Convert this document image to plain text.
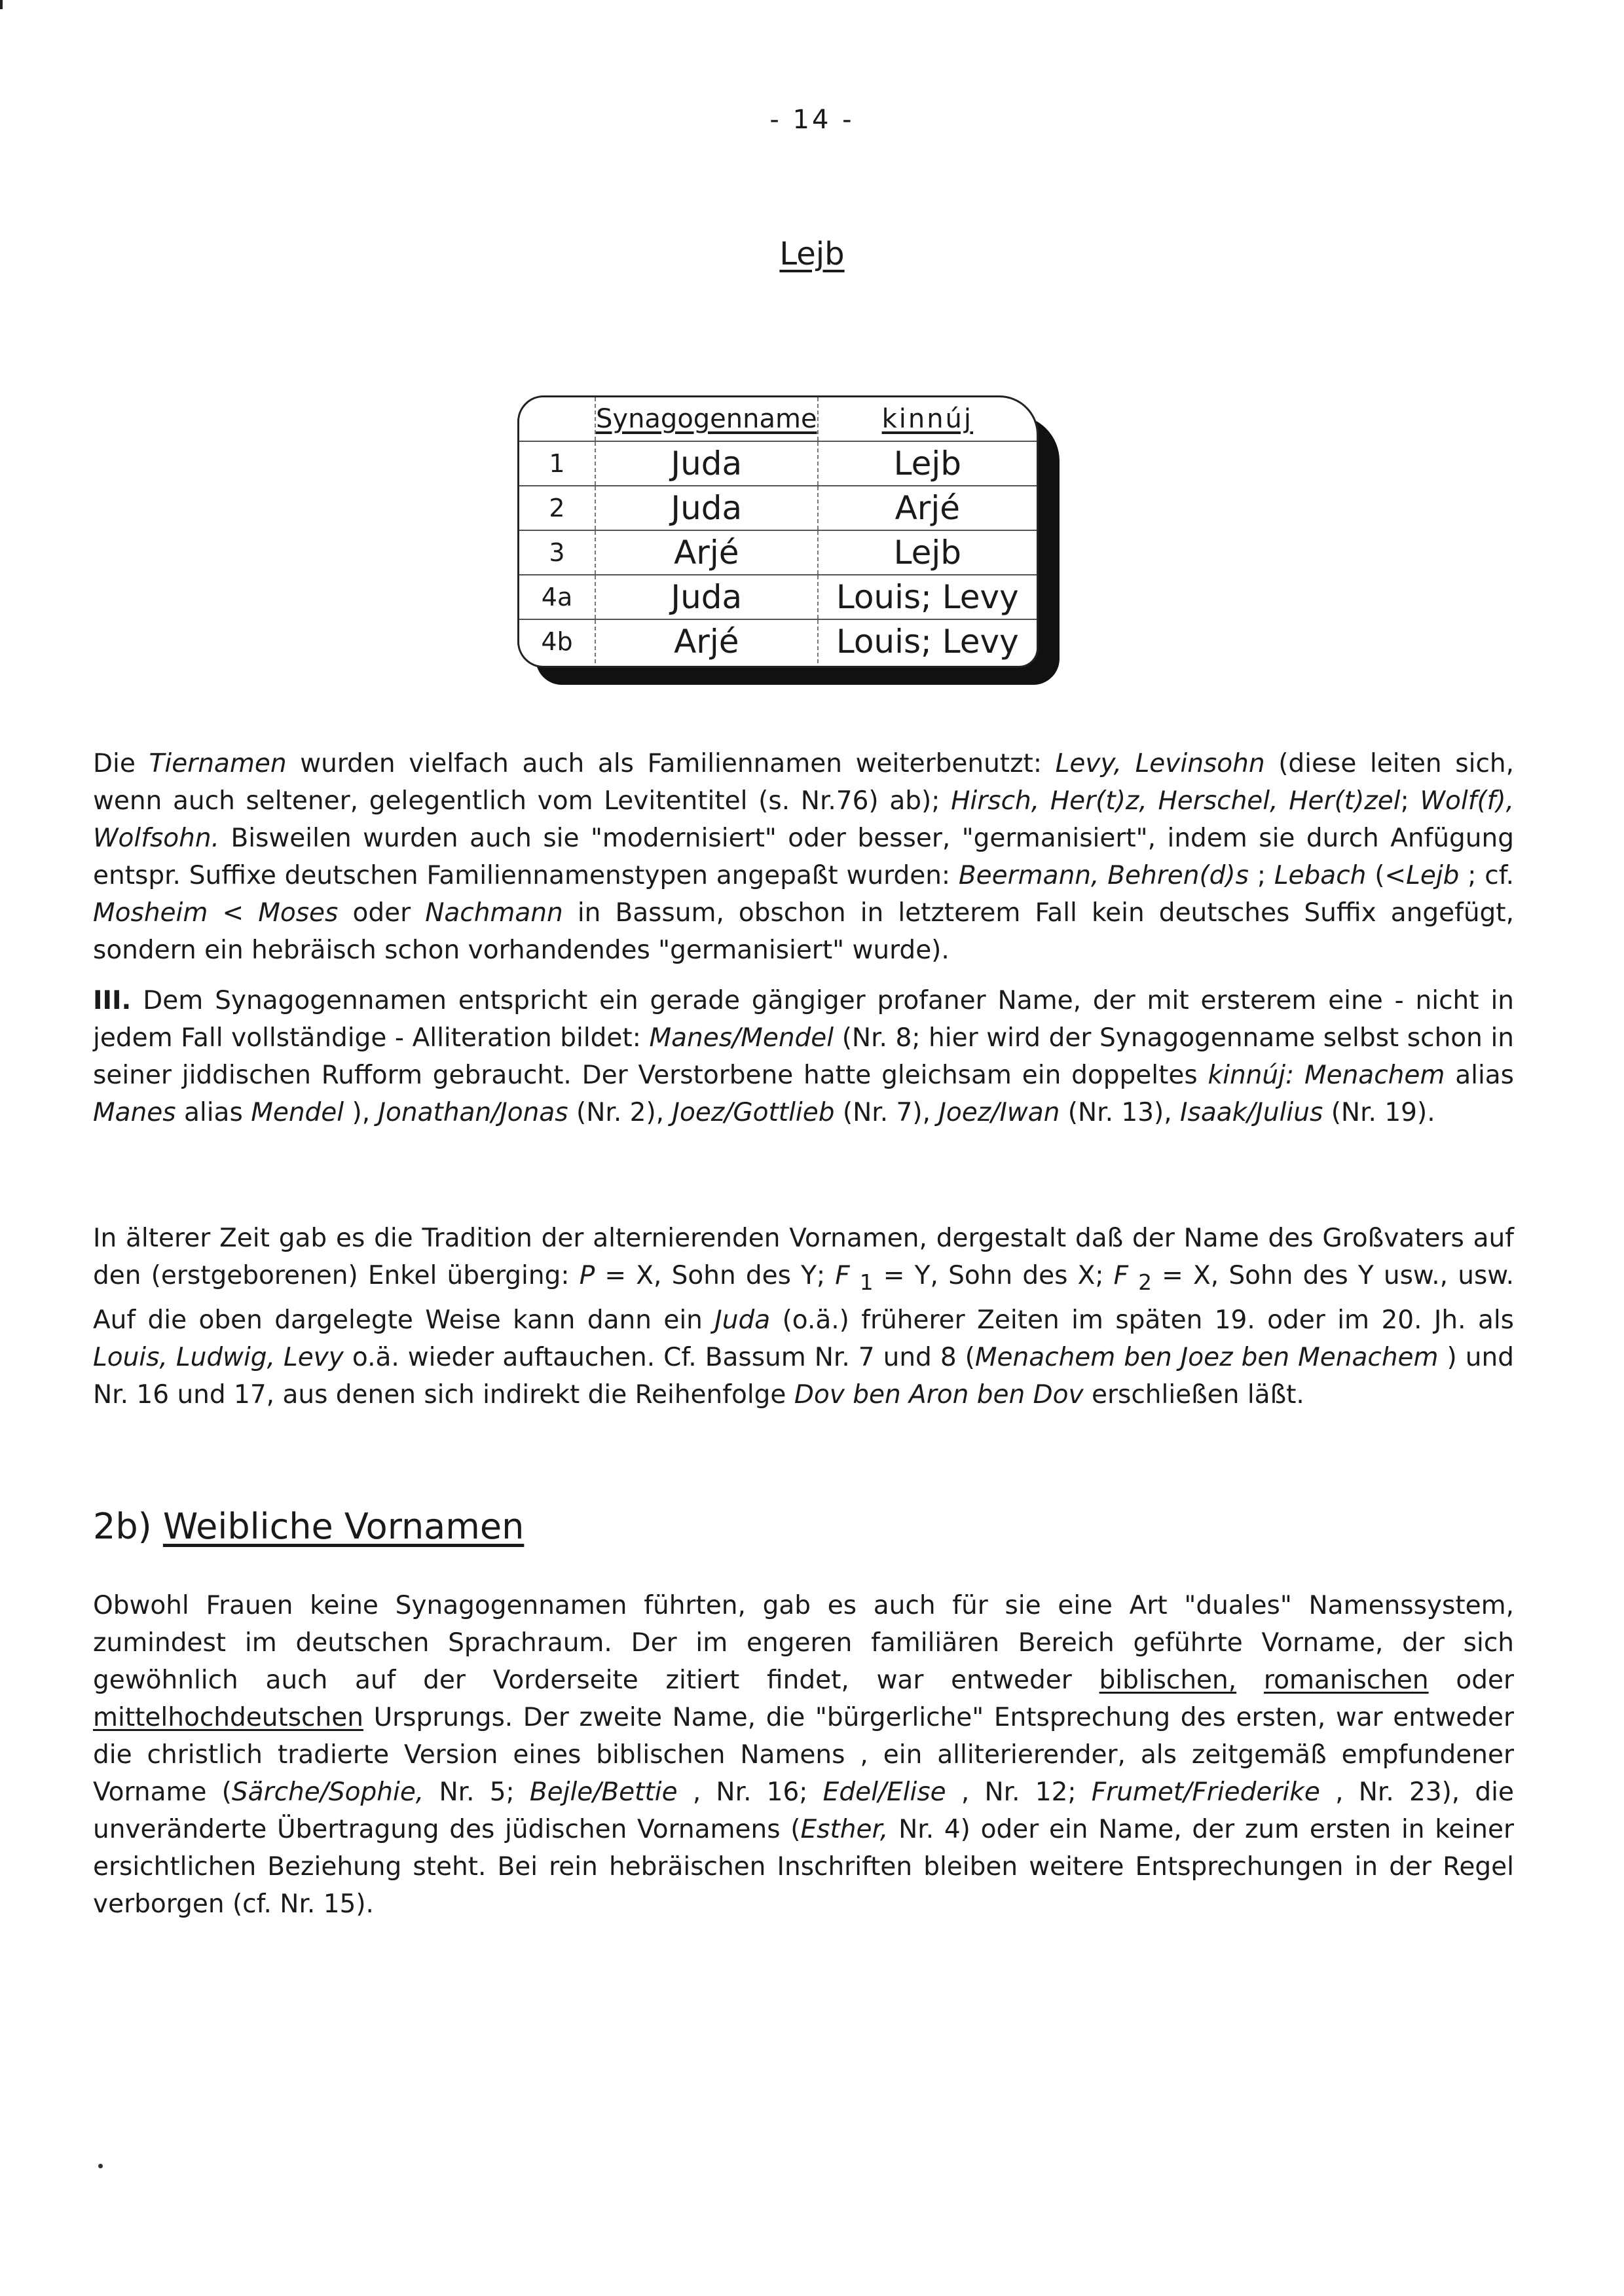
- 14 -
Lejb
	Synagogenname	kinnúj
1	Juda	Lejb
2	Juda	Arjé
3	Arjé	Lejb
4a	Juda	Louis; Levy
4b	Arjé	Louis; Levy

Die Tiernamen wurden vielfach auch als Familiennamen weiterbenutzt: Levy, Levinsohn (diese leiten sich, wenn auch seltener, gelegentlich vom Levitentitel (s. Nr.76) ab); Hirsch, Her(t)z, Herschel, Her(t)zel; Wolf(f), Wolfsohn. Bisweilen wurden auch sie "modernisiert" oder besser, "germanisiert", indem sie durch Anfügung entspr. Suffixe deutschen Familiennamenstypen angepaßt wurden: Beermann, Behren(d)s ; Lebach (<Lejb ; cf. Mosheim < Moses oder Nachmann in Bassum, obschon in letzterem Fall kein deutsches Suffix angefügt, sondern ein hebräisch schon vorhandendes "germanisiert" wurde).

III. Dem Synagogennamen entspricht ein gerade gängiger profaner Name, der mit ersterem eine - nicht in jedem Fall vollständige - Alliteration bildet: Manes/Mendel (Nr. 8; hier wird der Synagogenname selbst schon in seiner jiddischen Rufform gebraucht. Der Verstorbene hatte gleichsam ein doppeltes kinnúj: Menachem alias Manes alias Mendel ), Jonathan/Jonas (Nr. 2), Joez/Gottlieb (Nr. 7), Joez/Iwan (Nr. 13), Isaak/Julius (Nr. 19).

In älterer Zeit gab es die Tradition der alternierenden Vornamen, dergestalt daß der Name des Großvaters auf den (erstgeborenen) Enkel überging: P = X, Sohn des Y; F $_1$ = Y, Sohn des X; F $_2$ = X, Sohn des Y usw., usw. Auf die oben dargelegte Weise kann dann ein Juda (o.ä.) früherer Zeiten im späten 19. oder im 20. Jh. als Louis, Ludwig, Levy o.ä. wieder auftauchen. Cf. Bassum Nr. 7 und 8 (Menachem ben Joez ben Menachem ) und Nr. 16 und 17, aus denen sich indirekt die Reihenfolge Dov ben Aron ben Dov erschließen läßt.

2b) Weibliche Vornamen

Obwohl Frauen keine Synagogennamen führten, gab es auch für sie eine Art "duales" Namenssystem, zumindest im deutschen Sprachraum. Der im engeren familiären Bereich geführte Vorname, der sich gewöhnlich auch auf der Vorderseite zitiert findet, war entweder biblischen, romanischen oder mittelhochdeutschen Ursprungs. Der zweite Name, die "bürgerliche" Entsprechung des ersten, war entweder die christlich tradierte Version eines biblischen Namens , ein alliterierender, als zeitgemäß empfundener Vorname (Särche/Sophie, Nr. 5; Bejle/Bettie , Nr. 16; Edel/Elise , Nr. 12; Frumet/Friederike , Nr. 23), die unveränderte Übertragung des jüdischen Vornamens (Esther, Nr. 4) oder ein Name, der zum ersten in keiner ersichtlichen Beziehung steht. Bei rein hebräischen Inschriften bleiben weitere Entsprechungen in der Regel verborgen (cf. Nr. 15).
